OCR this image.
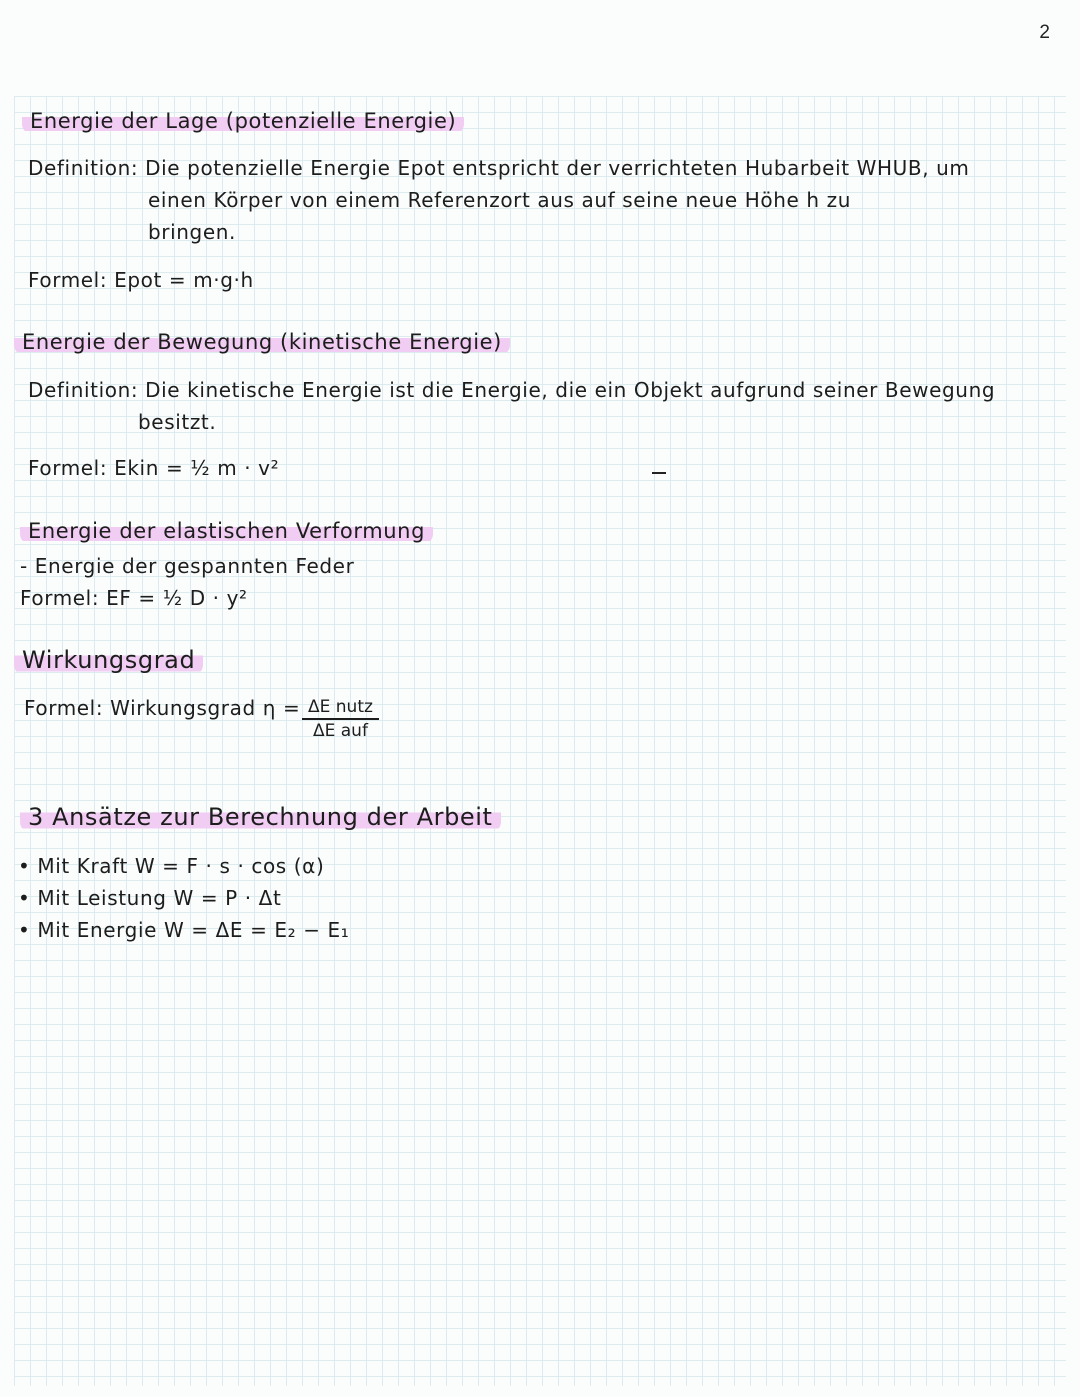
2
Energie der Lage (potenzielle Energie)
Definition: Die potenzielle Energie Epot entspricht der verrichteten Hubarbeit WHUB, um
einen Körper von einem Referenzort aus auf seine neue Höhe h zu
bringen.
Formel: Epot = m·g·h
Energie der Bewegung (kinetische Energie)
Definition: Die kinetische Energie ist die Energie, die ein Objekt aufgrund seiner Bewegung
besitzt.
Formel: Ekin = ½ m · v²
Energie der elastischen Verformung
- Energie der gespannten Feder
Formel: EF = ½ D · y²
Wirkungsgrad
Formel: Wirkungsgrad η = ΔE nutz
ΔE auf
3 Ansätze zur Berechnung der Arbeit
• Mit Kraft W = F · s · cos (α)
• Mit Leistung W = P · Δt
• Mit Energie W = ΔE = E₂ − E₁
